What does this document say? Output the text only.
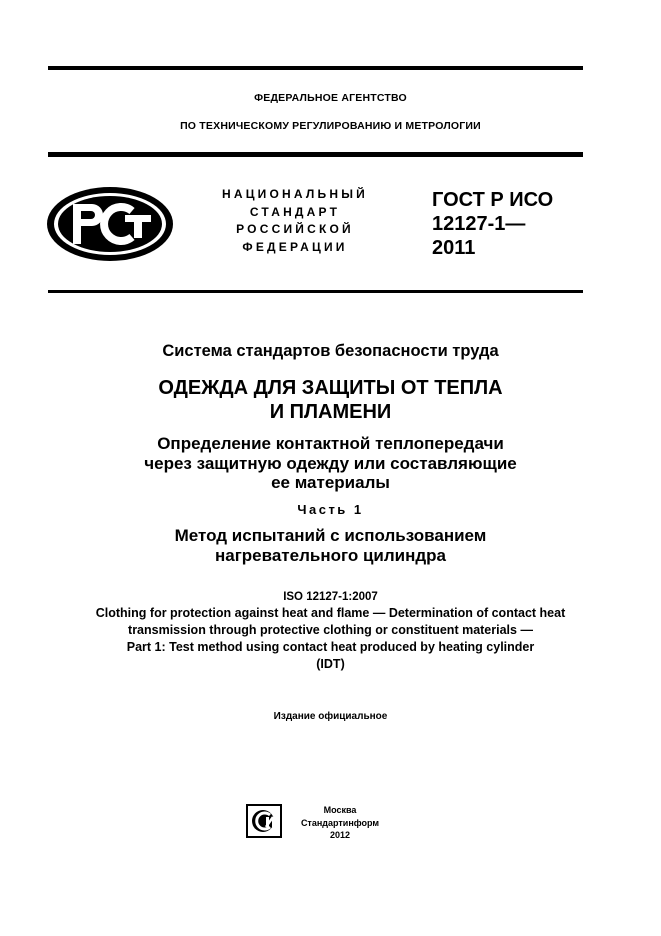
ФЕДЕРАЛЬНОЕ АГЕНТСТВО
ПО ТЕХНИЧЕСКОМУ РЕГУЛИРОВАНИЮ И МЕТРОЛОГИИ
НАЦИОНАЛЬНЫЙ
СТАНДАРТ
РОССИЙСКОЙ
ФЕДЕРАЦИИ
ГОСТ Р ИСО
12127-1—
2011
Система стандартов безопасности труда
ОДЕЖДА ДЛЯ ЗАЩИТЫ ОТ ТЕПЛА
И ПЛАМЕНИ
Определение контактной теплопередачи
через защитную одежду или составляющие
ее материалы
Часть 1
Метод испытаний с использованием
нагревательного цилиндра
ISO 12127-1:2007
Clothing for protection against heat and flame — Determination of contact heat
transmission through protective clothing or constituent materials —
Part 1: Test method using contact heat produced by heating cylinder
(IDT)
Издание официальное
Москва
Стандартинформ
2012
